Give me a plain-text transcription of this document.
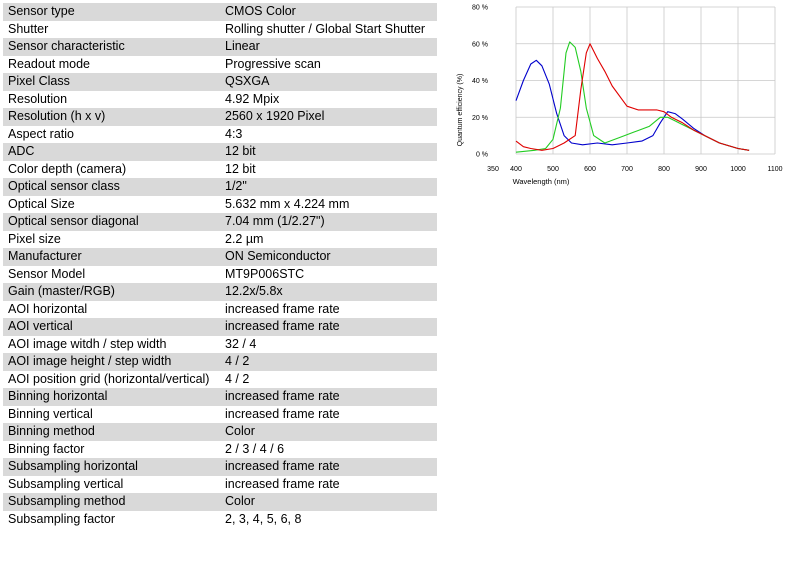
Sensor type	CMOS Color
Shutter	Rolling shutter / Global Start Shutter
Sensor characteristic	Linear
Readout mode	Progressive scan
Pixel Class	QSXGA
Resolution	4.92 Mpix
Resolution (h x v)	2560 x 1920 Pixel
Aspect ratio	4:3
ADC	12 bit
Color depth (camera)	12 bit
Optical sensor class	1/2"
Optical Size	5.632 mm x 4.224 mm
Optical sensor diagonal	7.04 mm (1/2.27")
Pixel size	2.2 µm
Manufacturer	ON Semiconductor
Sensor Model	MT9P006STC
Gain (master/RGB)	12.2x/5.8x
AOI horizontal	increased frame rate
AOI vertical	increased frame rate
AOI image witdh / step width	32 / 4
AOI image height / step width	4 / 2
AOI position grid (horizontal/vertical)	4 / 2
Binning horizontal	increased frame rate
Binning vertical	increased frame rate
Binning method	Color
Binning factor	2 / 3 / 4 / 6
Subsampling horizontal	increased frame rate
Subsampling vertical	increased frame rate
Subsampling method	Color
Subsampling factor	2, 3, 4, 5, 6, 8
0 %
20 %
40 %
60 %
80 %
350 400	500	600	700	800	900	1000	1100
Wavelength (nm)
Quantum efficiency (%)
